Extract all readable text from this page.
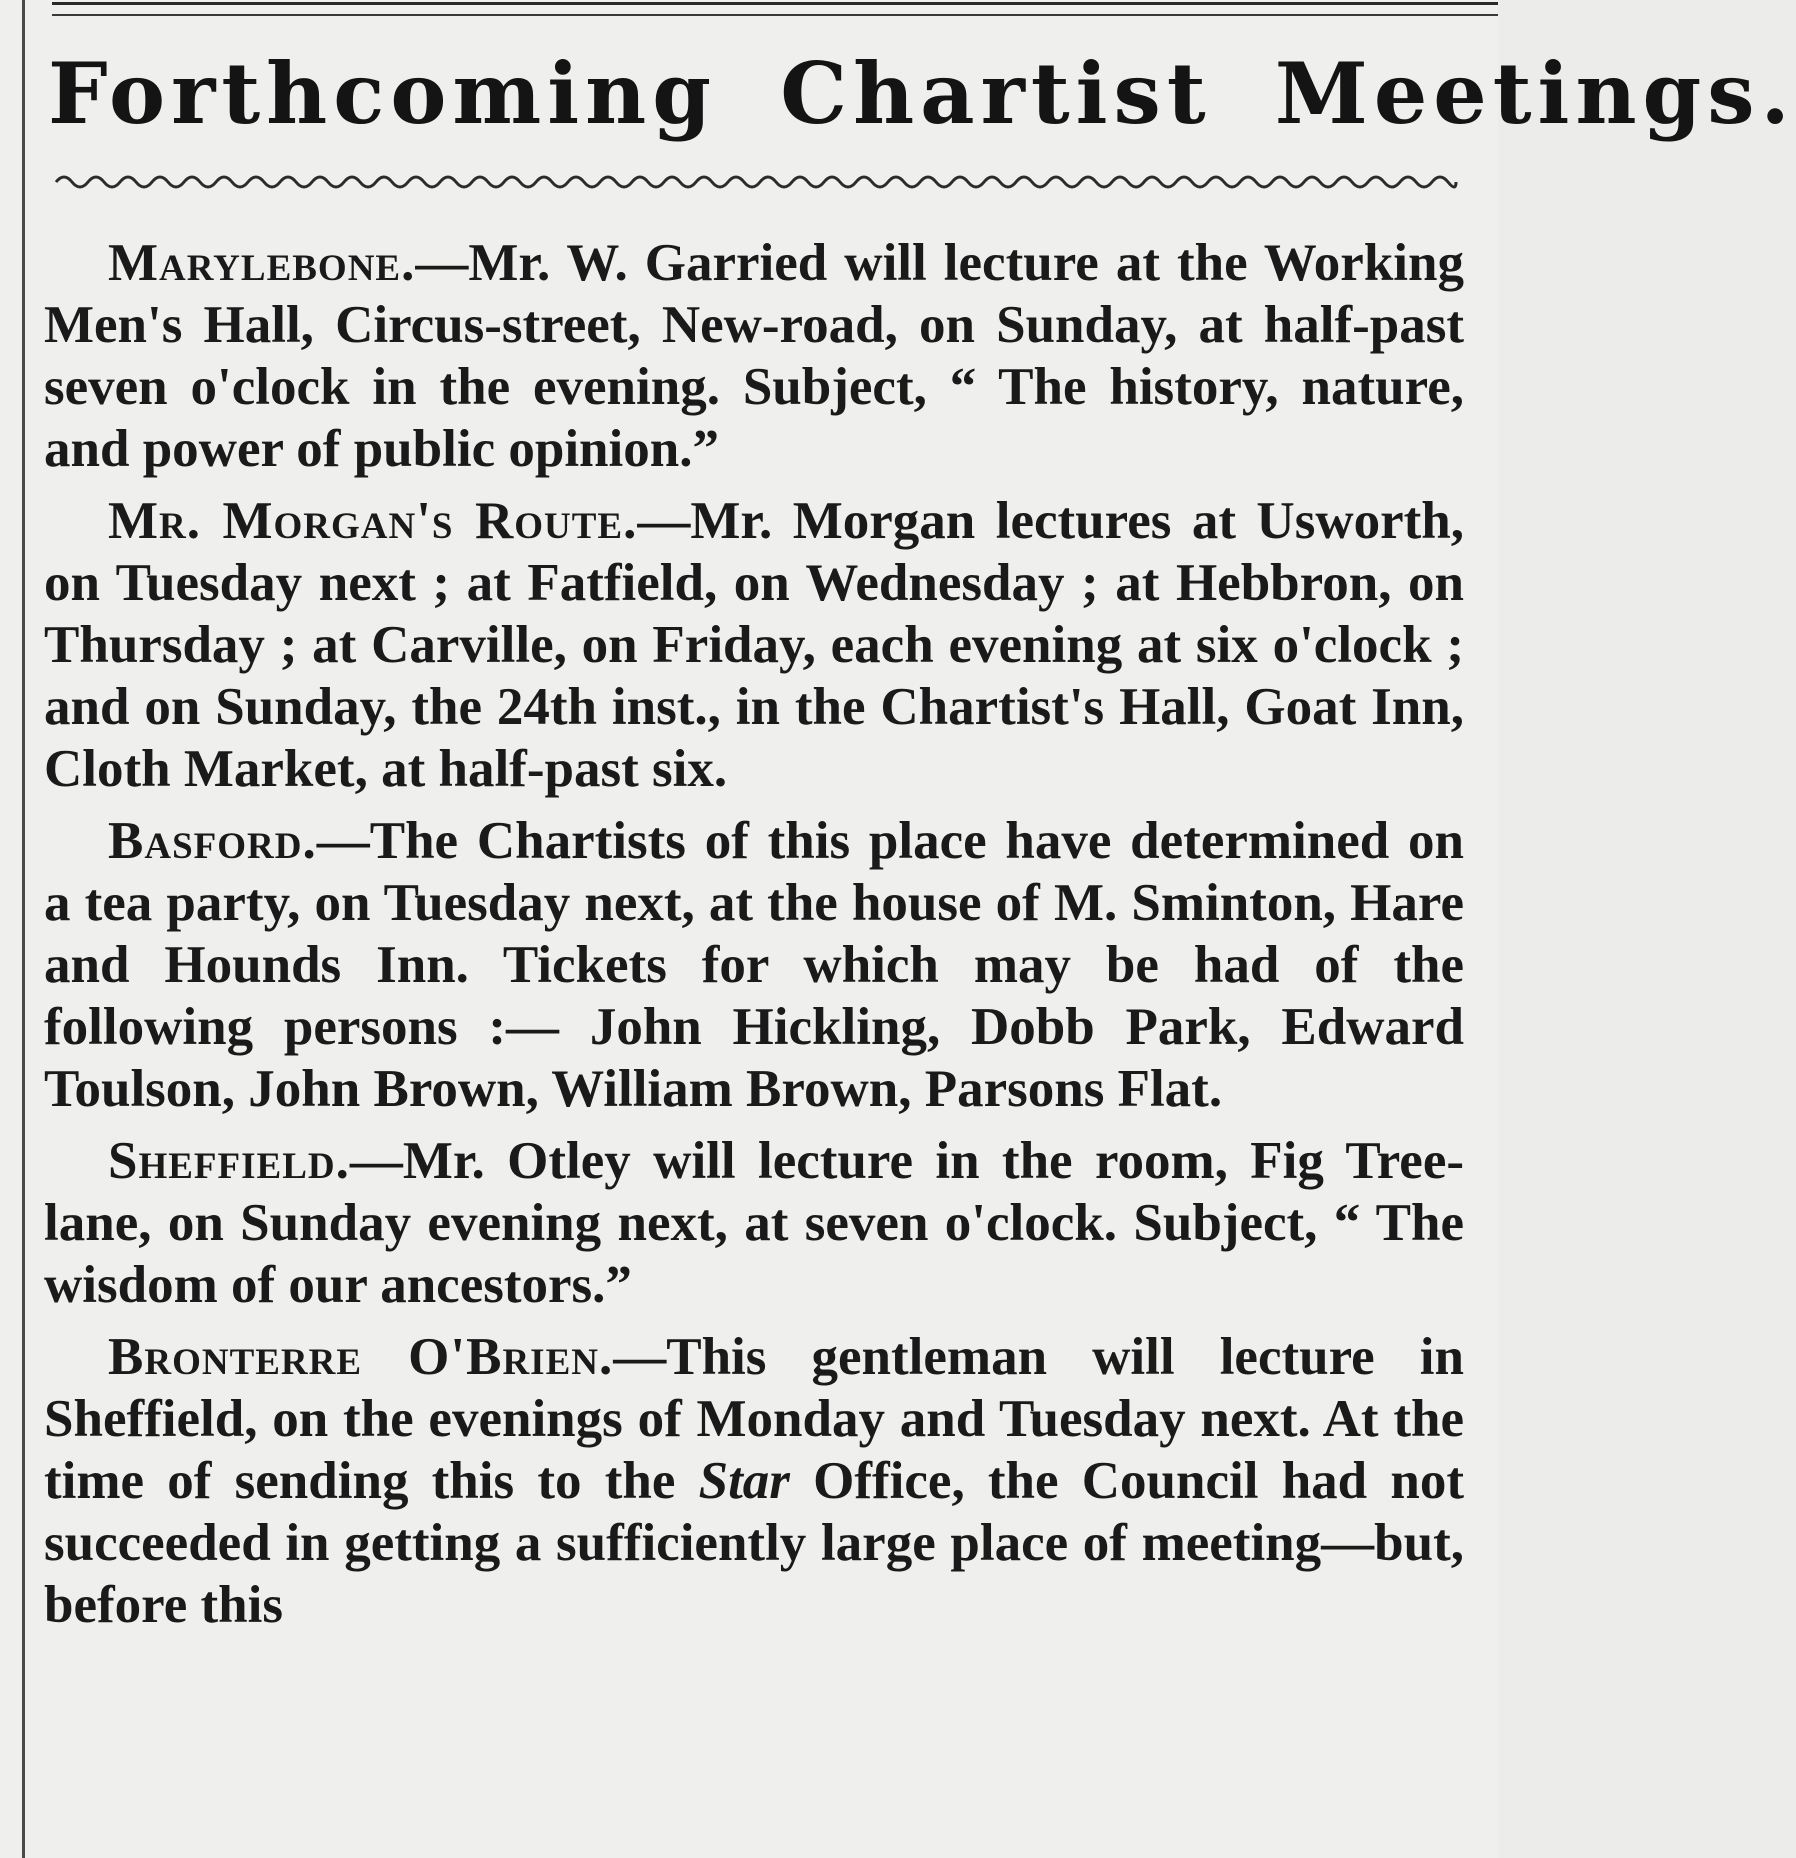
Forthcoming Chartist Meetings.

Marylebone.—Mr. W. Garried will lecture at the Working Men's Hall, Circus-street, New-road, on Sunday, at half-past seven o'clock in the evening. Subject, “ The history, nature, and power of public opinion.”

Mr. Morgan's Route.—Mr. Morgan lectures at Usworth, on Tuesday next ; at Fatfield, on Wednesday ; at Hebbron, on Thursday ; at Carville, on Friday, each evening at six o'clock ; and on Sunday, the 24th inst., in the Chartist's Hall, Goat Inn, Cloth Market, at half-past six.

Basford.—The Chartists of this place have determined on a tea party, on Tuesday next, at the house of M. Sminton, Hare and Hounds Inn. Tickets for which may be had of the following persons :— John Hickling, Dobb Park, Edward Toulson, John Brown, William Brown, Parsons Flat.

Sheffield.—Mr. Otley will lecture in the room, Fig Tree-lane, on Sunday evening next, at seven o'clock. Subject, “ The wisdom of our ancestors.”

Bronterre O'Brien.—This gentleman will lecture in Sheffield, on the evenings of Monday and Tuesday next. At the time of sending this to the Star Office, the Council had not succeeded in getting a sufficiently large place of meeting—but, before this
